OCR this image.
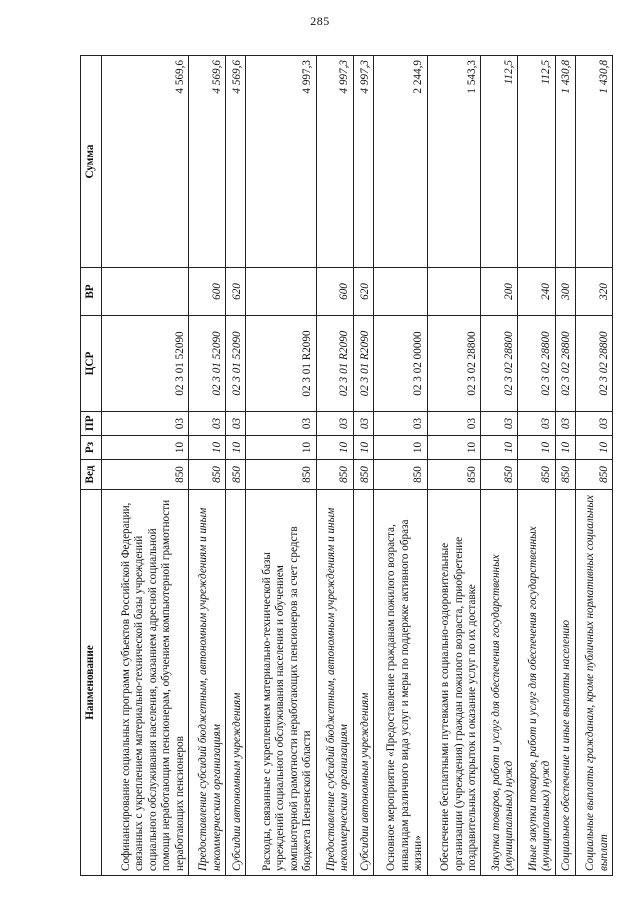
285
Наименование	Вед	Рз	ПР	ЦСР	ВР	Сумма
Софинансирование социальных программ субъектов Российской Федерации, связанных с укреплением материально-технической базы учреждений социального обслуживания населения, оказанием адресной социальной помощи неработающим пенсионерам, обучением компьютерной грамотности неработающих пенсионеров	850	10	03	02 3 01 52090		4 569,6
Предоставление субсидий бюджетным, автономным учреждениям и иным некоммерческим организациям	850	10	03	02 3 01 52090	600	4 569,6
Субсидии автономным учреждениям	850	10	03	02 3 01 52090	620	4 569,6
Расходы, связанные с укреплением материально-технической базы учреждений социального обслуживания населения и обучением компьютерной грамотности неработающих пенсионеров за счет средств бюджета Пензенской области	850	10	03	02 3 01 R2090		4 997,3
Предоставление субсидий бюджетным, автономным учреждениям и иным некоммерческим организациям	850	10	03	02 3 01 R2090	600	4 997,3
Субсидии автономным учреждениям	850	10	03	02 3 01 R2090	620	4 997,3
Основное мероприятие «Предоставление гражданам пожилого возраста, инвалидам различного вида услуг и меры по поддержке активного образа жизни»	850	10	03	02 3 02 00000		2 244,9
Обеспечение бесплатными путевками в социально-оздоровительные организации (учреждения) граждан пожилого возраста, приобретение поздравительных открыток и оказание услуг по их доставке	850	10	03	02 3 02 28800		1 543,3
Закупка товаров, работ и услуг для обеспечения государственных (муниципальных) нужд	850	10	03	02 3 02 28800	200	112,5
Иные закупки товаров, работ и услуг для обеспечения государственных (муниципальных) нужд	850	10	03	02 3 02 28800	240	112,5
Социальное обеспечение и иные выплаты населению	850	10	03	02 3 02 28800	300	1 430,8
Социальные выплаты гражданам, кроме публичных нормативных социальных выплат	850	10	03	02 3 02 28800	320	1 430,8
